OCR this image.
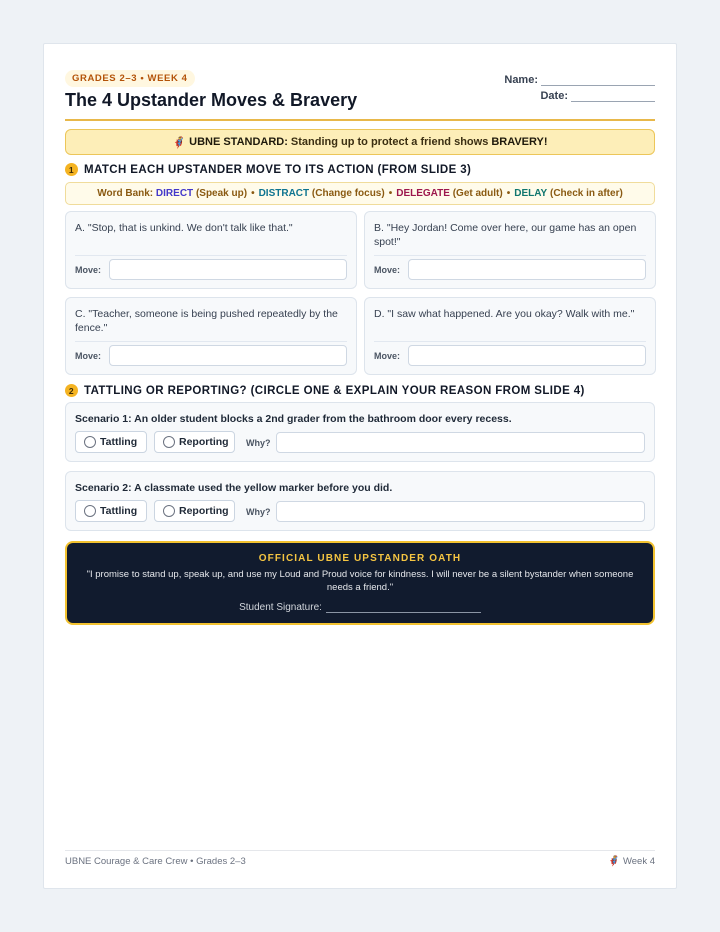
GRADES 2–3 • WEEK 4
The 4 Upstander Moves & Bravery
Name:
Date:
🦸 UBNE STANDARD: Standing up to protect a friend shows BRAVERY!
1 MATCH EACH UPSTANDER MOVE TO ITS ACTION (FROM SLIDE 3)
Word Bank:
DIRECT
(Speak up) • DISTRACT
(Change focus) • DELEGATE
(Get adult) • DELAY
(Check in after)
A. "Stop, that is unkind. We don't talk like that."
Move:
B. "Hey Jordan! Come over here, our game has an open spot!"
Move:
C. "Teacher, someone is being pushed repeatedly by the fence."
Move:
D. "I saw what happened. Are you okay? Walk with me."
Move:
2 TATTLING OR REPORTING? (CIRCLE ONE & EXPLAIN YOUR REASON FROM SLIDE 4)
Scenario 1: An older student blocks a 2nd grader from the bathroom door every recess.
Tattling	Reporting Why?
Scenario 2: A classmate used the yellow marker before you did.
Tattling	Reporting Why?
OFFICIAL UBNE UPSTANDER OATH
"I promise to stand up, speak up, and use my Loud and Proud voice for kindness. I will never be a silent bystander when someone needs a friend."
Student Signature:
UBNE Courage & Care Crew • Grades 2–3	🦸 Week 4
